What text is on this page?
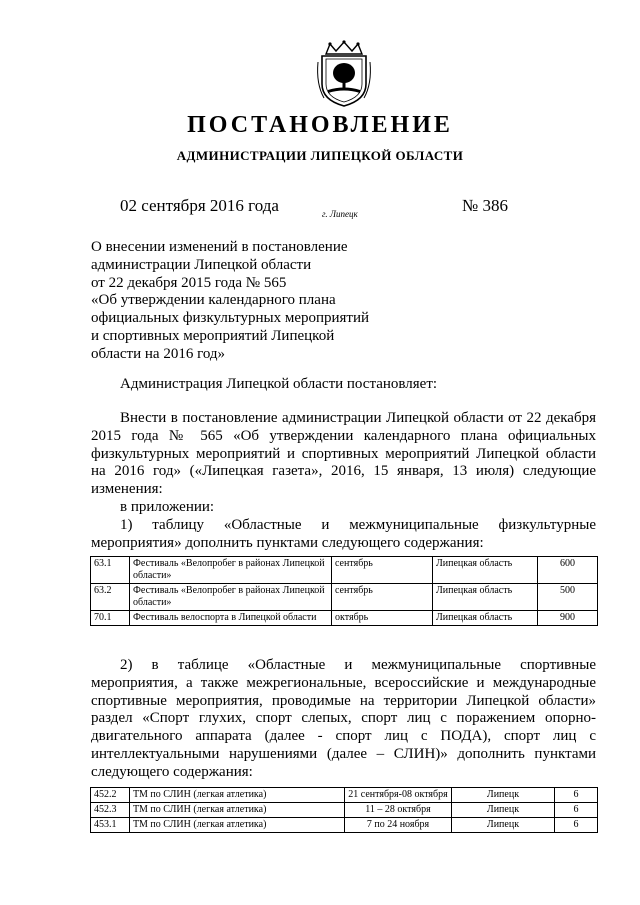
ПОСТАНОВЛЕНИЕ
АДМИНИСТРАЦИИ ЛИПЕЦКОЙ ОБЛАСТИ
02 сентября 2016 года	г. Липецк	№ 386
О внесении изменений в постановление
администрации Липецкой области
от 22 декабря 2015 года № 565
«Об утверждении календарного плана
официальных физкультурных мероприятий
и спортивных мероприятий Липецкой
области на 2016 год»
Администрация Липецкой области постановляет:
Внести в постановление администрации Липецкой области от 22 декабря
2015 года № 565 «Об утверждении календарного плана официальных
физкультурных мероприятий и спортивных мероприятий Липецкой области
на 2016 год» («Липецкая газета», 2016, 15 января, 13 июля) следующие
изменения:
в приложении:
1) таблицу «Областные и межмуниципальные физкультурные
мероприятия» дополнить пунктами следующего содержания:
63.1	Фестиваль «Велопробег в районах Липецкой области»	сентябрь	Липецкая область	600
63.2	Фестиваль «Велопробег в районах Липецкой области»	сентябрь	Липецкая область	500
70.1	Фестиваль велоспорта в Липецкой области	октябрь	Липецкая область	900
2) в таблице «Областные и межмуниципальные спортивные
мероприятия, а также межрегиональные, всероссийские и международные
спортивные мероприятия, проводимые на территории Липецкой области»
раздел «Спорт глухих, спорт слепых, спорт лиц с поражением опорно-
двигательного аппарата (далее - спорт лиц с ПОДА), спорт лиц с
интеллектуальными нарушениями (далее – СЛИН)» дополнить пунктами
следующего содержания:
452.2	ТМ по СЛИН (легкая атлетика)	21 сентября-08 октября	Липецк	6
452.3	ТМ по СЛИН (легкая атлетика)	11 – 28 октября	Липецк	6
453.1	ТМ по СЛИН (легкая атлетика)	7 по 24 ноября	Липецк	6
